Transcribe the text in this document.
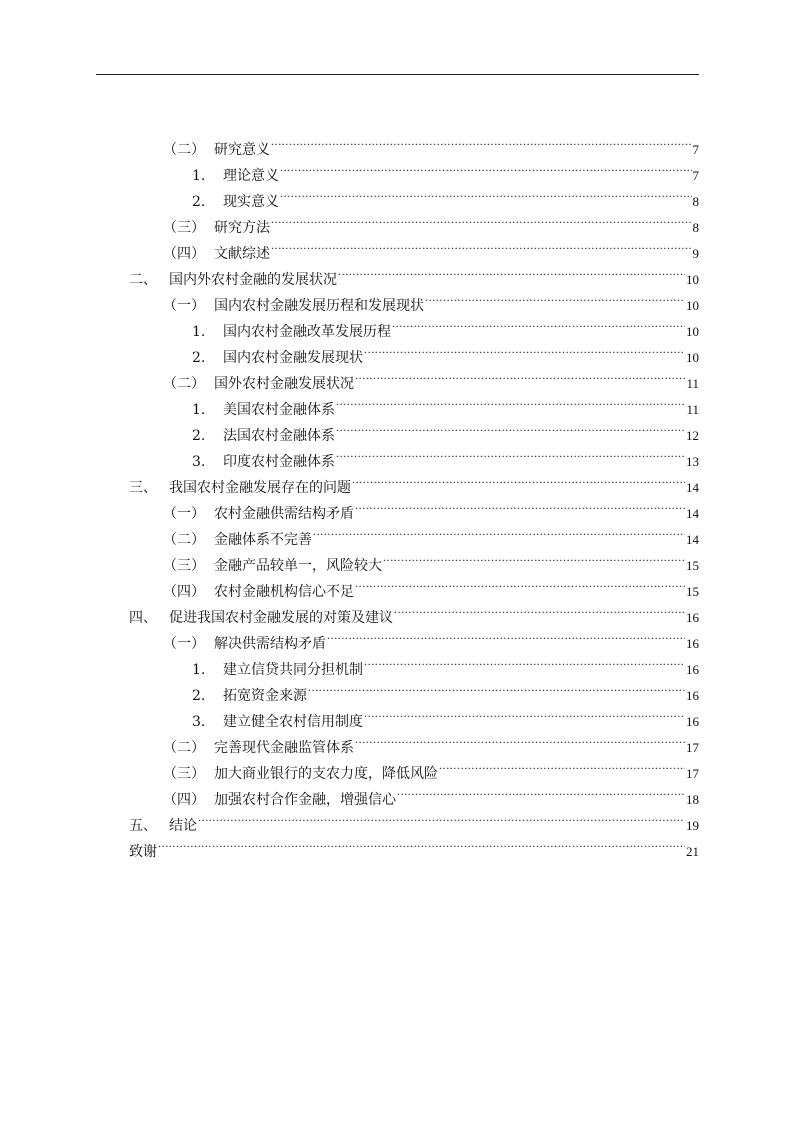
（二） 研究意义 .....	7
1.	理论意义 .....	7
2.	现实意义 .....	8
（三） 研究方法 .....	8
（四） 文献综述 .....	9
二、 国内外农村金融的发展状况 .....	10
（一） 国内农村金融发展历程和发展现状 .....	10
1.	国内农村金融改革发展历程 .....	10
2.	国内农村金融发展现状 .....	10
（二） 国外农村金融发展状况 .....	11
1.	美国农村金融体系 .....	11
2.	法国农村金融体系 .....	12
3.	印度农村金融体系 .....	13
三、 我国农村金融发展存在的问题 .....	14
（一） 农村金融供需结构矛盾 .....	14
（二） 金融体系不完善 .....	14
（三） 金融产品较单一，风险较大 .....	15
（四） 农村金融机构信心不足 .....	15
四、 促进我国农村金融发展的对策及建议 .....	16
（一） 解决供需结构矛盾 .....	16
1.	建立信贷共同分担机制 .....	16
2.	拓宽资金来源 .....	16
3.	建立健全农村信用制度 .....	16
（二） 完善现代金融监管体系 .....	17
（三） 加大商业银行的支农力度，降低风险 .....	17
（四） 加强农村合作金融，增强信心 .....	18
五、 结论 .....	19
致谢 .....	21
